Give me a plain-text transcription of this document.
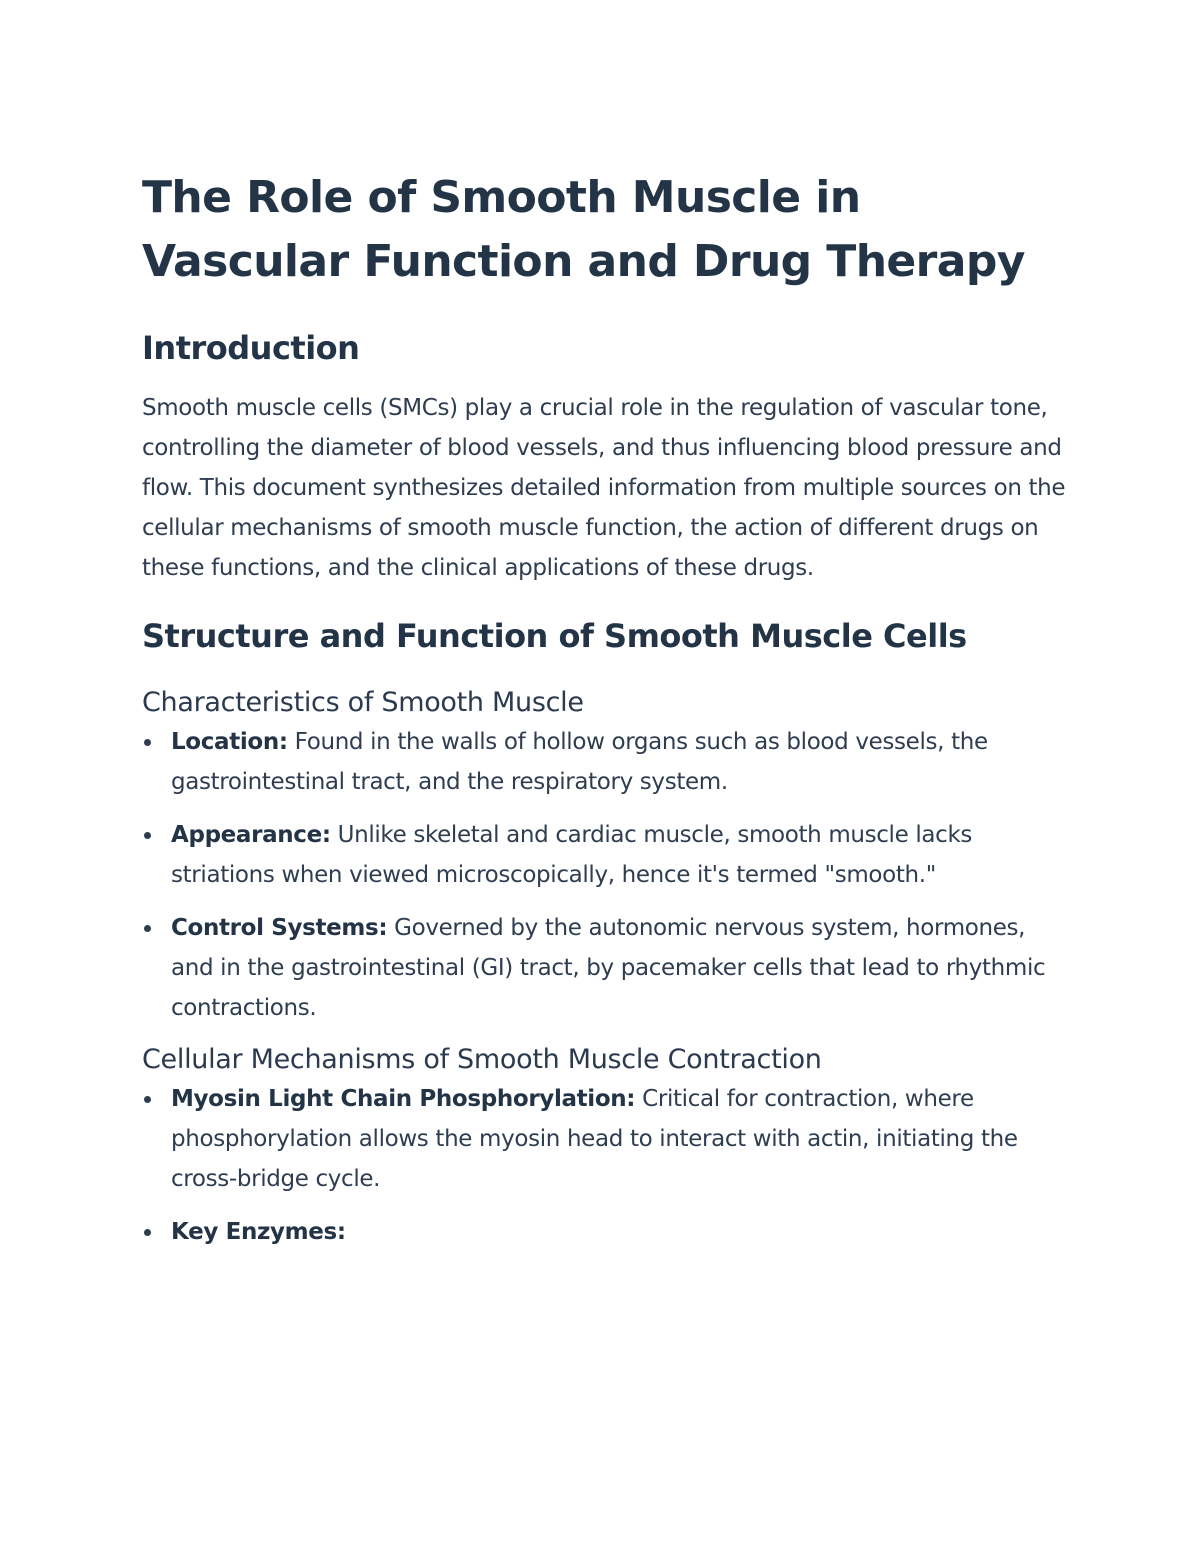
The Role of Smooth Muscle in Vascular Function and Drug Therapy
Introduction

Smooth muscle cells (SMCs) play a crucial role in the regulation of vascular tone, controlling the diameter of blood vessels, and thus influencing blood pressure and flow. This document synthesizes detailed information from multiple sources on the cellular mechanisms of smooth muscle function, the action of different drugs on these functions, and the clinical applications of these drugs.

Structure and Function of Smooth Muscle Cells
Characteristics of Smooth Muscle
Location: Found in the walls of hollow organs such as blood vessels, the gastrointestinal tract, and the respiratory system.
Appearance: Unlike skeletal and cardiac muscle, smooth muscle lacks striations when viewed microscopically, hence it's termed "smooth."
Control Systems: Governed by the autonomic nervous system, hormones, and in the gastrointestinal (GI) tract, by pacemaker cells that lead to rhythmic contractions.
Cellular Mechanisms of Smooth Muscle Contraction
Myosin Light Chain Phosphorylation: Critical for contraction, where phosphorylation allows the myosin head to interact with actin, initiating the cross-bridge cycle.
Key Enzymes:
